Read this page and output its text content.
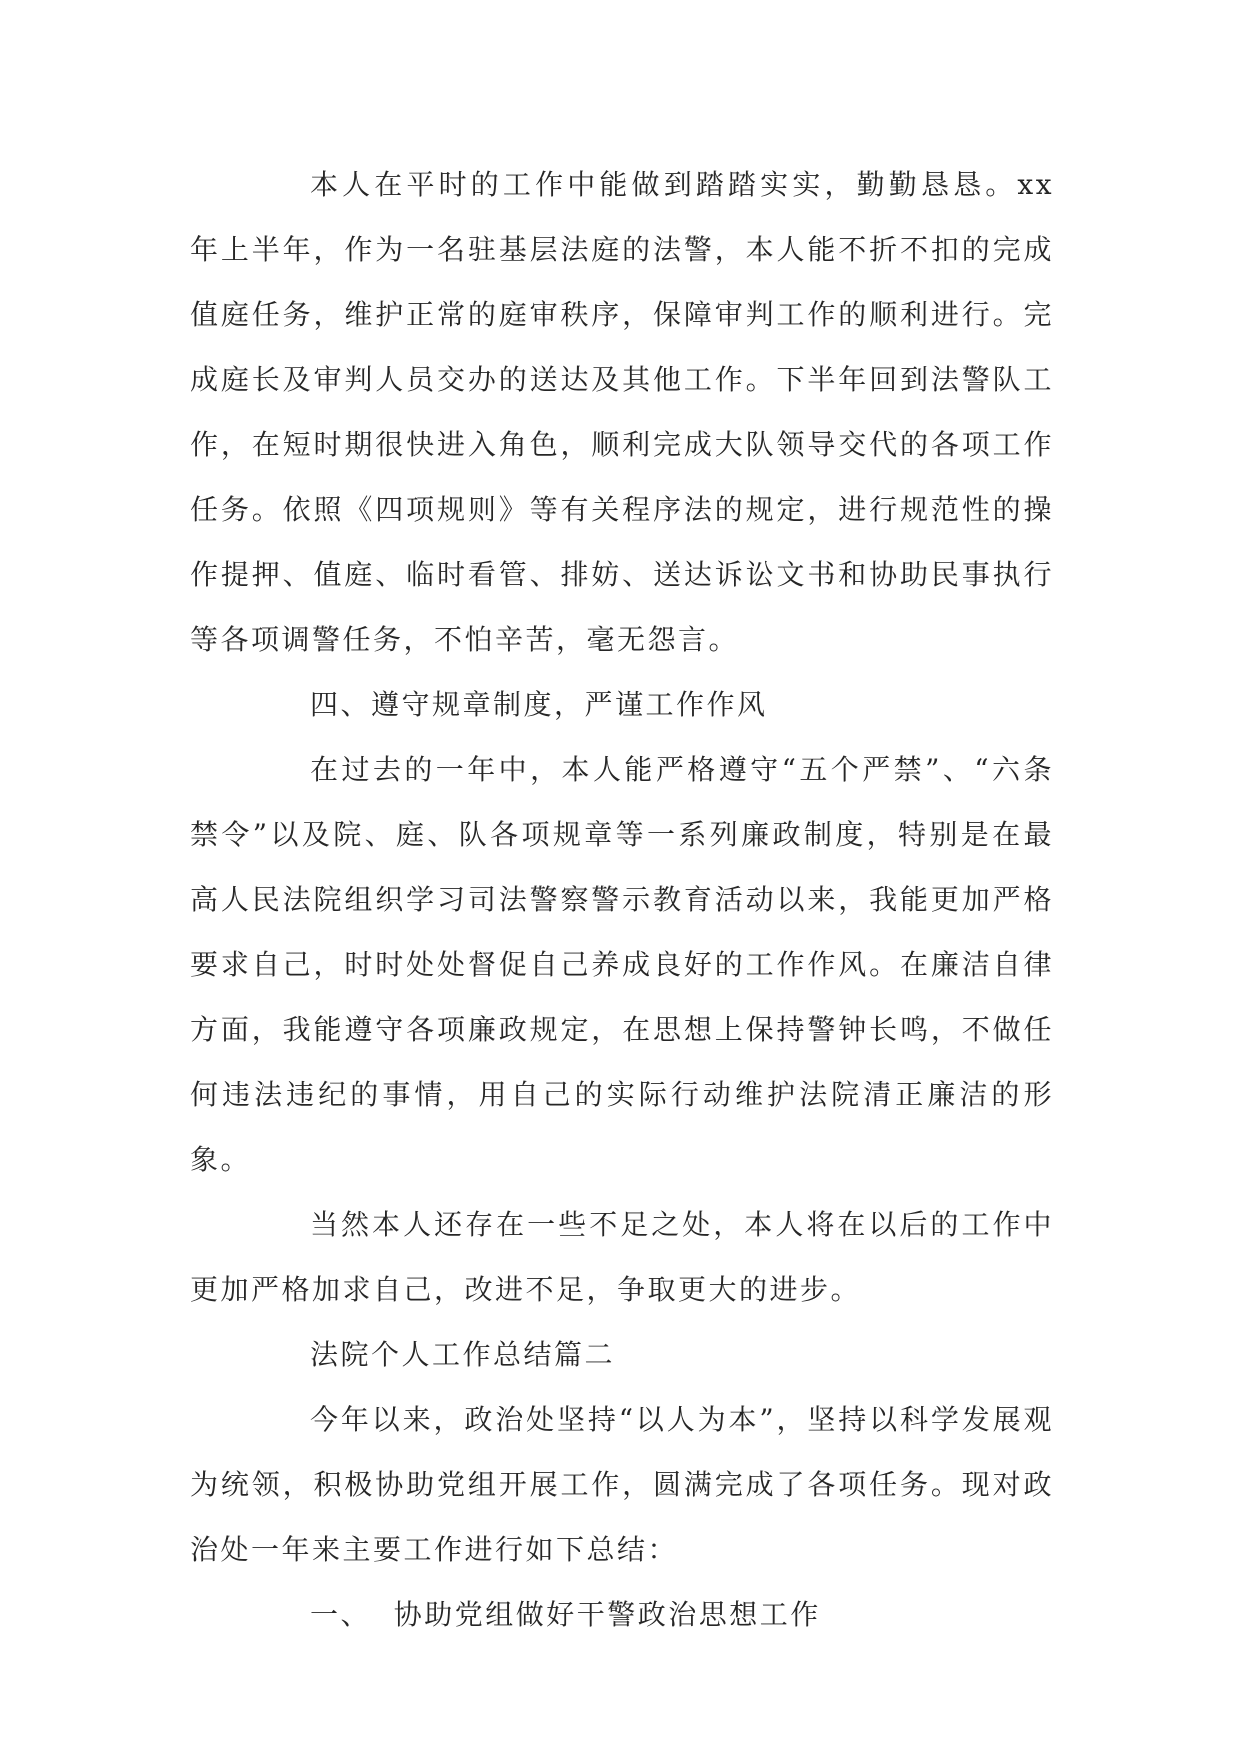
本人在平时的工作中能做到踏踏实实，勤勤恳恳。xx 年上半年，作为一名驻基层法庭的法警，本人能不折不扣的完成值庭任务，维护正常的庭审秩序，保障审判工作的顺利进行。完成庭长及审判人员交办的送达及其他工作。下半年回到法警队工作，在短时期很快进入角色，顺利完成大队领导交代的各项工作任务。依照《四项规则》等有关程序法的规定，进行规范性的操作提押、值庭、临时看管、排妨、送达诉讼文书和协助民事执行等各项调警任务，不怕辛苦，毫无怨言。

四、遵守规章制度，严谨工作作风

在过去的一年中，本人能严格遵守“五个严禁”、“六条禁令”以及院、庭、队各项规章等一系列廉政制度，特别是在最高人民法院组织学习司法警察警示教育活动以来，我能更加严格要求自己，时时处处督促自己养成良好的工作作风。在廉洁自律方面，我能遵守各项廉政规定，在思想上保持警钟长鸣，不做任何违法违纪的事情，用自己的实际行动维护法院清正廉洁的形象。

当然本人还存在一些不足之处，本人将在以后的工作中更加严格加求自己，改进不足，争取更大的进步。

法院个人工作总结篇二

今年以来，政治处坚持“以人为本”，坚持以科学发展观为统领，积极协助党组开展工作，圆满完成了各项任务。现对政治处一年来主要工作进行如下总结：

一、  协助党组做好干警政治思想工作
